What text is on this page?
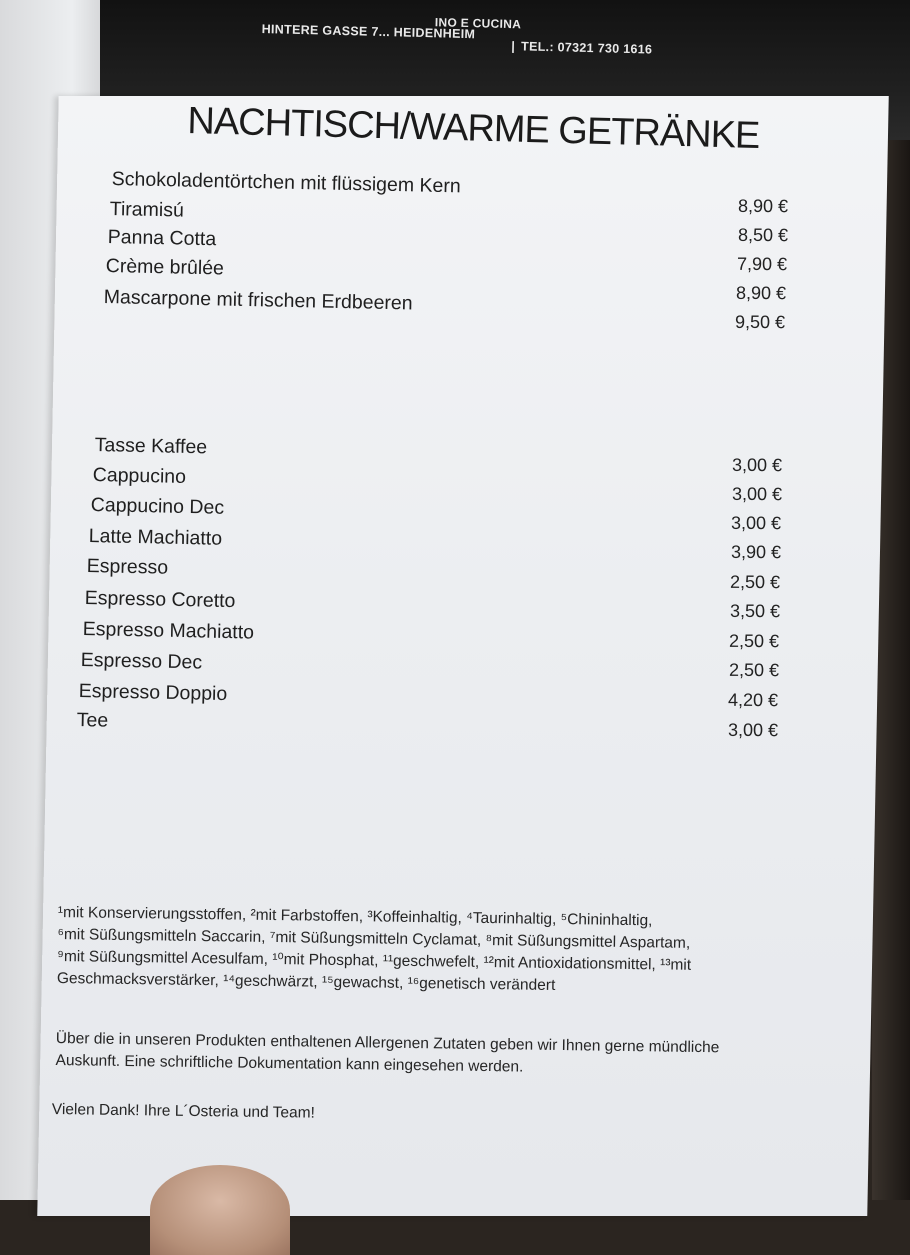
INO E CUCINA
HINTERE GASSE 7... HEIDENHEIM
| TEL.: 07321 730 1616
NACHTISCH/WARME GETRÄNKE
Schokoladentörtchen mit flüssigem Kern
Tiramisú
Panna Cotta
Crème brûlée
Mascarpone mit frischen Erdbeeren
8,90 €
8,50 €
7,90 €
8,90 €
9,50 €
Tasse Kaffee
Cappucino
Cappucino Dec
Latte Machiatto
Espresso
Espresso Coretto
Espresso Machiatto
Espresso Dec
Espresso Doppio
Tee
3,00 €
3,00 €
3,00 €
3,90 €
2,50 €
3,50 €
2,50 €
2,50 €
4,20 €
3,00 €
¹mit Konservierungsstoffen, ²mit Farbstoffen, ³Koffeinhaltig, ⁴Taurinhaltig, ⁵Chininhaltig,
⁶mit Süßungsmitteln Saccarin, ⁷mit Süßungsmitteln Cyclamat, ⁸mit Süßungsmittel Aspartam,
⁹mit Süßungsmittel Acesulfam, ¹⁰mit Phosphat, ¹¹geschwefelt, ¹²mit Antioxidationsmittel, ¹³mit
Geschmacksverstärker, ¹⁴geschwärzt, ¹⁵gewachst, ¹⁶genetisch verändert
Über die in unseren Produkten enthaltenen Allergenen Zutaten geben wir Ihnen gerne mündliche
Auskunft. Eine schriftliche Dokumentation kann eingesehen werden.
Vielen Dank! Ihre L´Osteria und Team!
